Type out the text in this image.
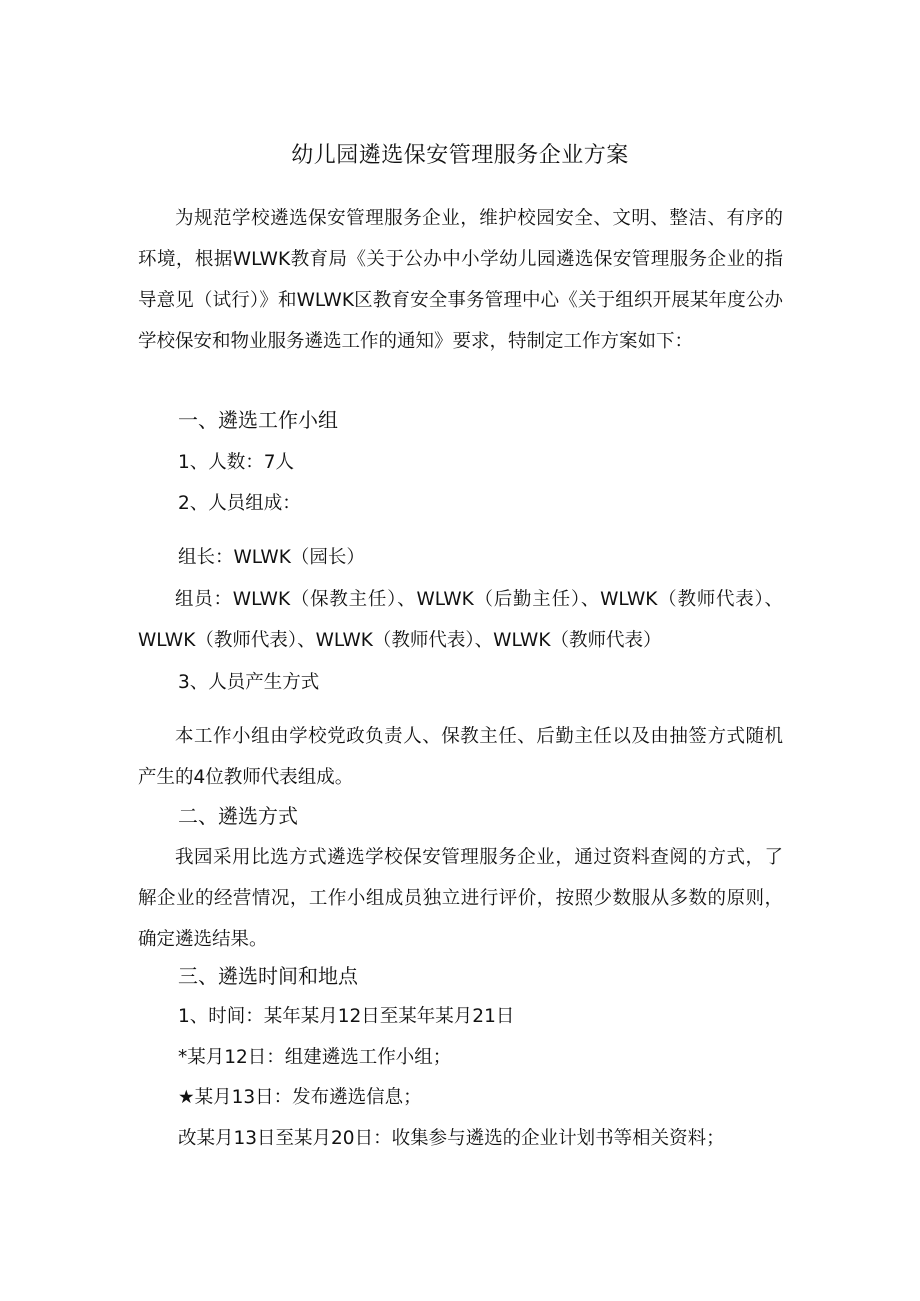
幼儿园遴选保安管理服务企业方案
为规范学校遴选保安管理服务企业，维护校园安全、文明、整洁、有序的环境，根据WLWK教育局《关于公办中小学幼儿园遴选保安管理服务企业的指导意见（试行）》和WLWK区教育安全事务管理中心《关于组织开展某年度公办学校保安和物业服务遴选工作的通知》要求，特制定工作方案如下：
一、遴选工作小组
1、人数：7人
2、人员组成：
组长：WLWK（园长）
组员：WLWK（保教主任）、WLWK（后勤主任）、WLWK（教师代表）、WLWK（教师代表）、WLWK（教师代表）、WLWK（教师代表）
3、人员产生方式
本工作小组由学校党政负责人、保教主任、后勤主任以及由抽签方式随机产生的4位教师代表组成。
二、遴选方式
我园采用比选方式遴选学校保安管理服务企业，通过资料查阅的方式，了解企业的经营情况，工作小组成员独立进行评价，按照少数服从多数的原则，确定遴选结果。
三、遴选时间和地点
1、时间：某年某月12日至某年某月21日
*某月12日：组建遴选工作小组；
★某月13日：发布遴选信息；
改某月13日至某月20日：收集参与遴选的企业计划书等相关资料；
